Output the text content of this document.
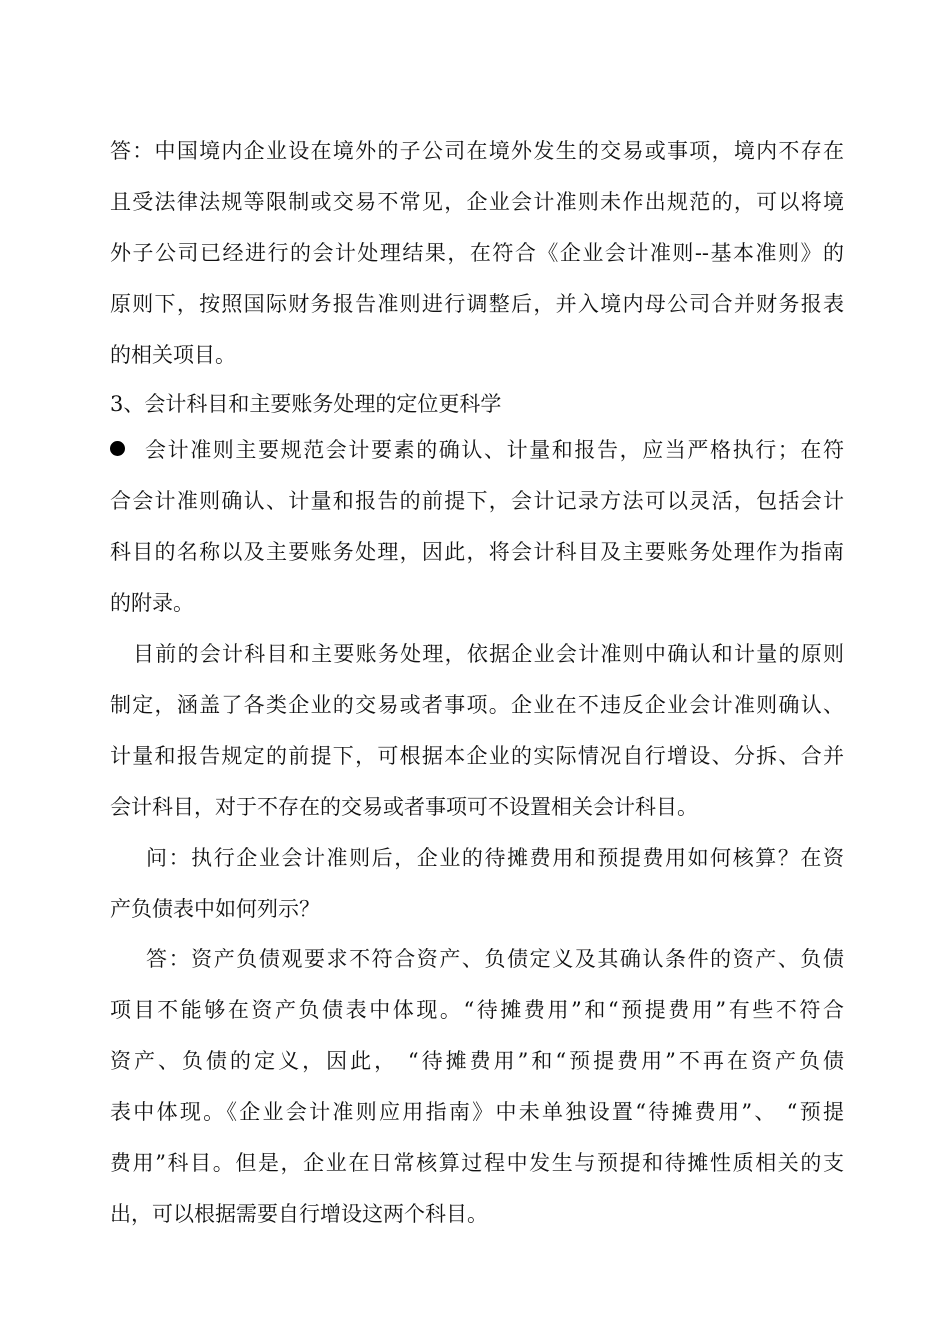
答：中国境内企业设在境外的子公司在境外发生的交易或事项，境内不存在
且受法律法规等限制或交易不常见，企业会计准则未作出规范的，可以将境
外子公司已经进行的会计处理结果，在符合《企业会计准则--基本准则》的
原则下，按照国际财务报告准则进行调整后，并入境内母公司合并财务报表
的相关项目。
3、会计科目和主要账务处理的定位更科学
会计准则主要规范会计要素的确认、计量和报告，应当严格执行；在符
合会计准则确认、计量和报告的前提下，会计记录方法可以灵活，包括会计
科目的名称以及主要账务处理，因此，将会计科目及主要账务处理作为指南
的附录。
目前的会计科目和主要账务处理，依据企业会计准则中确认和计量的原则
制定，涵盖了各类企业的交易或者事项。企业在不违反企业会计准则确认、
计量和报告规定的前提下，可根据本企业的实际情况自行增设、分拆、合并
会计科目，对于不存在的交易或者事项可不设置相关会计科目。
问：执行企业会计准则后，企业的待摊费用和预提费用如何核算？在资
产负债表中如何列示？
答：资产负债观要求不符合资产、负债定义及其确认条件的资产、负债
项目不能够在资产负债表中体现。“待摊费用”和“预提费用”有些不符合
资产、负债的定义，因此， “待摊费用”和“预提费用”不再在资产负债
表中体现。《企业会计准则应用指南》中未单独设置“待摊费用”、 “预提
费用”科目。但是，企业在日常核算过程中发生与预提和待摊性质相关的支
出，可以根据需要自行增设这两个科目。
